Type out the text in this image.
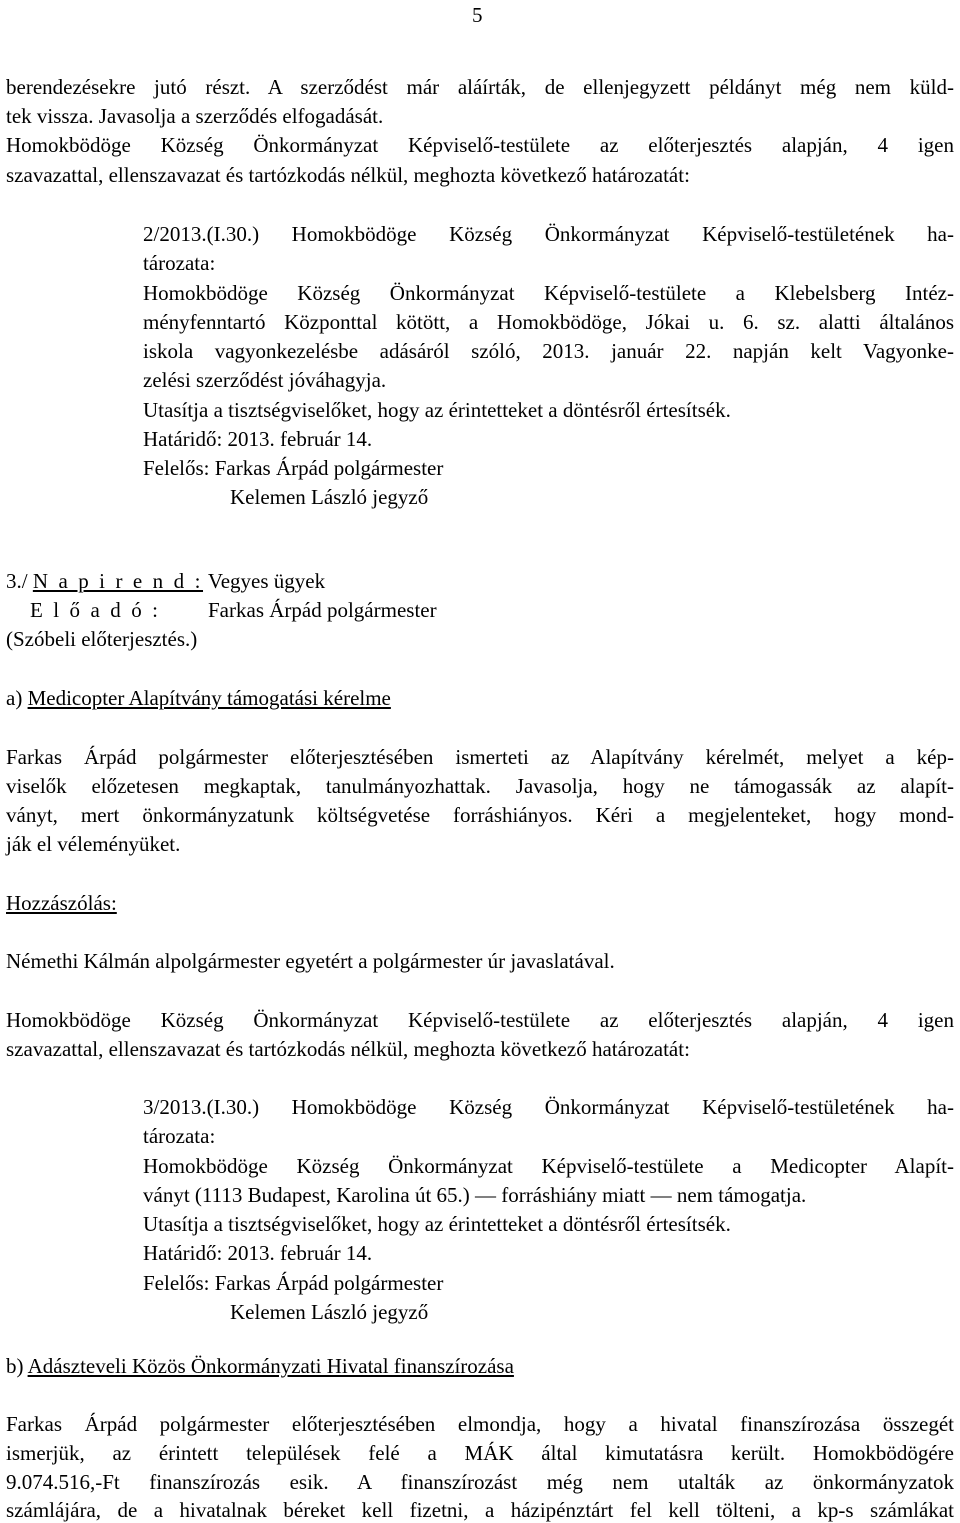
5
berendezésekre jutó részt. A szerződést már aláírták, de ellenjegyzett példányt még nem küld-
tek vissza. Javasolja a szerződés elfogadását.
Homokbödöge Község Önkormányzat Képviselő-testülete az előterjesztés alapján, 4 igen
szavazattal, ellenszavazat és tartózkodás nélkül, meghozta következő határozatát:
2/2013.(I.30.) Homokbödöge Község Önkormányzat Képviselő-testületének ha-
tározata:
Homokbödöge Község Önkormányzat Képviselő-testülete a Klebelsberg Intéz-
ményfenntartó Központtal kötött, a Homokbödöge, Jókai u. 6. sz. alatti általános
iskola vagyonkezelésbe adásáról szóló, 2013. január 22. napján kelt Vagyonke-
zelési szerződést jóváhagyja.
Utasítja a tisztségviselőket, hogy az érintetteket a döntésről értesítsék.
Határidő: 2013. február 14.
Felelős: Farkas Árpád polgármester
Kelemen László jegyző
3./ N a p i r e n d : Vegyes ügyek
E l ő a d ó : Farkas Árpád polgármester
(Szóbeli előterjesztés.)
a) Medicopter Alapítvány támogatási kérelme
Farkas Árpád polgármester előterjesztésében ismerteti az Alapítvány kérelmét, melyet a kép-
viselők előzetesen megkaptak, tanulmányozhattak. Javasolja, hogy ne támogassák az alapít-
ványt, mert önkormányzatunk költségvetése forráshiányos. Kéri a megjelenteket, hogy mond-
ják el véleményüket.
Hozzászólás:
Némethi Kálmán alpolgármester egyetért a polgármester úr javaslatával.
Homokbödöge Község Önkormányzat Képviselő-testülete az előterjesztés alapján, 4 igen
szavazattal, ellenszavazat és tartózkodás nélkül, meghozta következő határozatát:
3/2013.(I.30.) Homokbödöge Község Önkormányzat Képviselő-testületének ha-
tározata:
Homokbödöge Község Önkormányzat Képviselő-testülete a Medicopter Alapít-
ványt (1113 Budapest, Karolina út 65.) — forráshiány miatt — nem támogatja.
Utasítja a tisztségviselőket, hogy az érintetteket a döntésről értesítsék.
Határidő: 2013. február 14.
Felelős: Farkas Árpád polgármester
Kelemen László jegyző
b) Adászteveli Közös Önkormányzati Hivatal finanszírozása
Farkas Árpád polgármester előterjesztésében elmondja, hogy a hivatal finanszírozása összegét
ismerjük, az érintett települések felé a MÁK által kimutatásra került. Homokbödögére
9.074.516,-Ft finanszírozás esik. A finanszírozást még nem utalták az önkormányzatok
számlájára, de a hivatalnak béreket kell fizetni, a házipénztárt fel kell tölteni, a kp-s számlákat
